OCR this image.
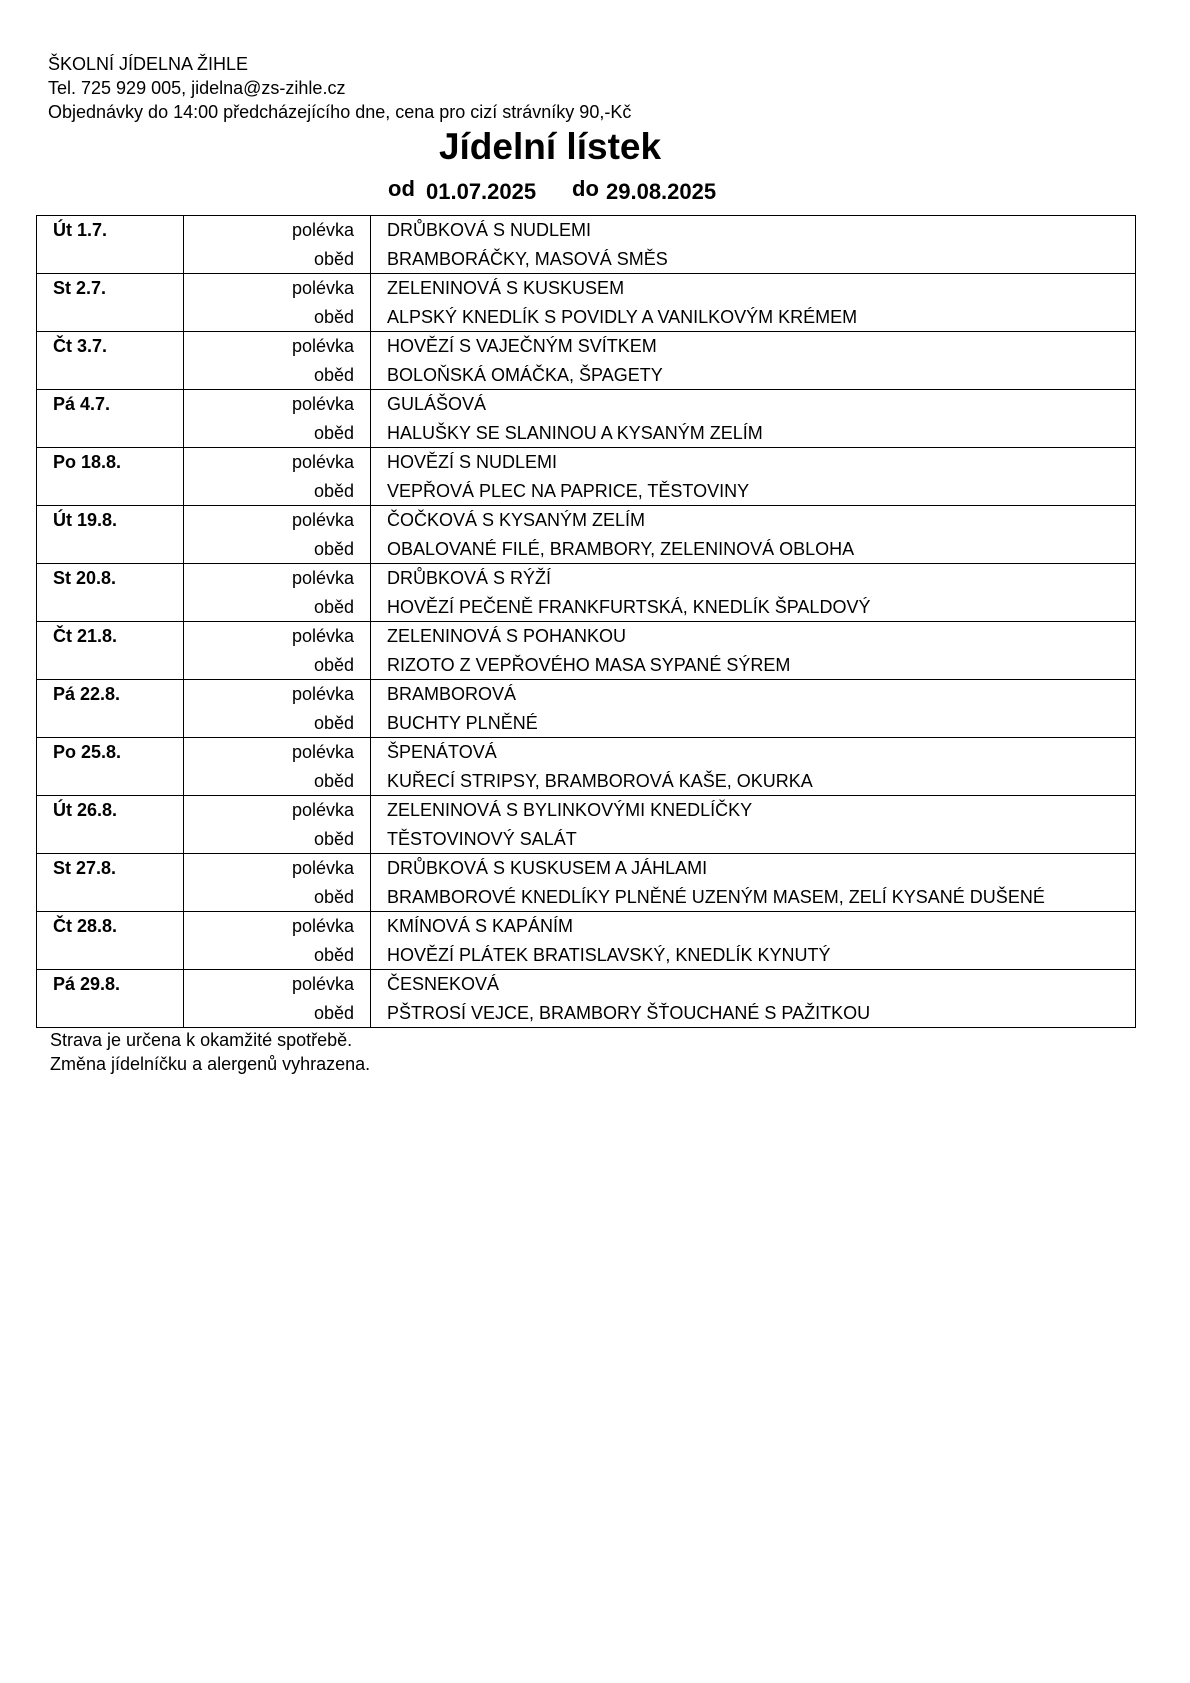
ŠKOLNÍ JÍDELNA ŽIHLE
Tel. 725 929 005, jidelna@zs-zihle.cz
Objednávky do 14:00 předcházejícího dne, cena pro cizí strávníky 90,-Kč
Jídelní lístek
od 01.07.2025 do 29.08.2025
Út 1.7.	polévka	DRŮBKOVÁ S NUDLEMI
	oběd	BRAMBORÁČKY, MASOVÁ SMĚS
St 2.7.	polévka	ZELENINOVÁ S KUSKUSEM
	oběd	ALPSKÝ KNEDLÍK S POVIDLY A VANILKOVÝM KRÉMEM
Čt 3.7.	polévka	HOVĚZÍ S VAJEČNÝM SVÍTKEM
	oběd	BOLOŇSKÁ OMÁČKA, ŠPAGETY
Pá 4.7.	polévka	GULÁŠOVÁ
	oběd	HALUŠKY SE SLANINOU A KYSANÝM ZELÍM
Po 18.8.	polévka	HOVĚZÍ S NUDLEMI
	oběd	VEPŘOVÁ PLEC NA PAPRICE, TĚSTOVINY
Út 19.8.	polévka	ČOČKOVÁ S KYSANÝM ZELÍM
	oběd	OBALOVANÉ FILÉ, BRAMBORY, ZELENINOVÁ OBLOHA
St 20.8.	polévka	DRŮBKOVÁ S RÝŽÍ
	oběd	HOVĚZÍ PEČENĚ FRANKFURTSKÁ, KNEDLÍK ŠPALDOVÝ
Čt 21.8.	polévka	ZELENINOVÁ S POHANKOU
	oběd	RIZOTO Z VEPŘOVÉHO MASA SYPANÉ SÝREM
Pá 22.8.	polévka	BRAMBOROVÁ
	oběd	BUCHTY PLNĚNÉ
Po 25.8.	polévka	ŠPENÁTOVÁ
	oběd	KUŘECÍ STRIPSY, BRAMBOROVÁ KAŠE, OKURKA
Út 26.8.	polévka	ZELENINOVÁ S BYLINKOVÝMI KNEDLÍČKY
	oběd	TĚSTOVINOVÝ SALÁT
St 27.8.	polévka	DRŮBKOVÁ S KUSKUSEM A JÁHLAMI
	oběd	BRAMBOROVÉ KNEDLÍKY PLNĚNÉ UZENÝM MASEM, ZELÍ KYSANÉ DUŠENÉ
Čt 28.8.	polévka	KMÍNOVÁ S KAPÁNÍM
	oběd	HOVĚZÍ PLÁTEK BRATISLAVSKÝ, KNEDLÍK KYNUTÝ
Pá 29.8.	polévka	ČESNEKOVÁ
	oběd	PŠTROSÍ VEJCE, BRAMBORY ŠŤOUCHANÉ S PAŽITKOU
Strava je určena k okamžité spotřebě.
Změna jídelníčku a alergenů vyhrazena.
